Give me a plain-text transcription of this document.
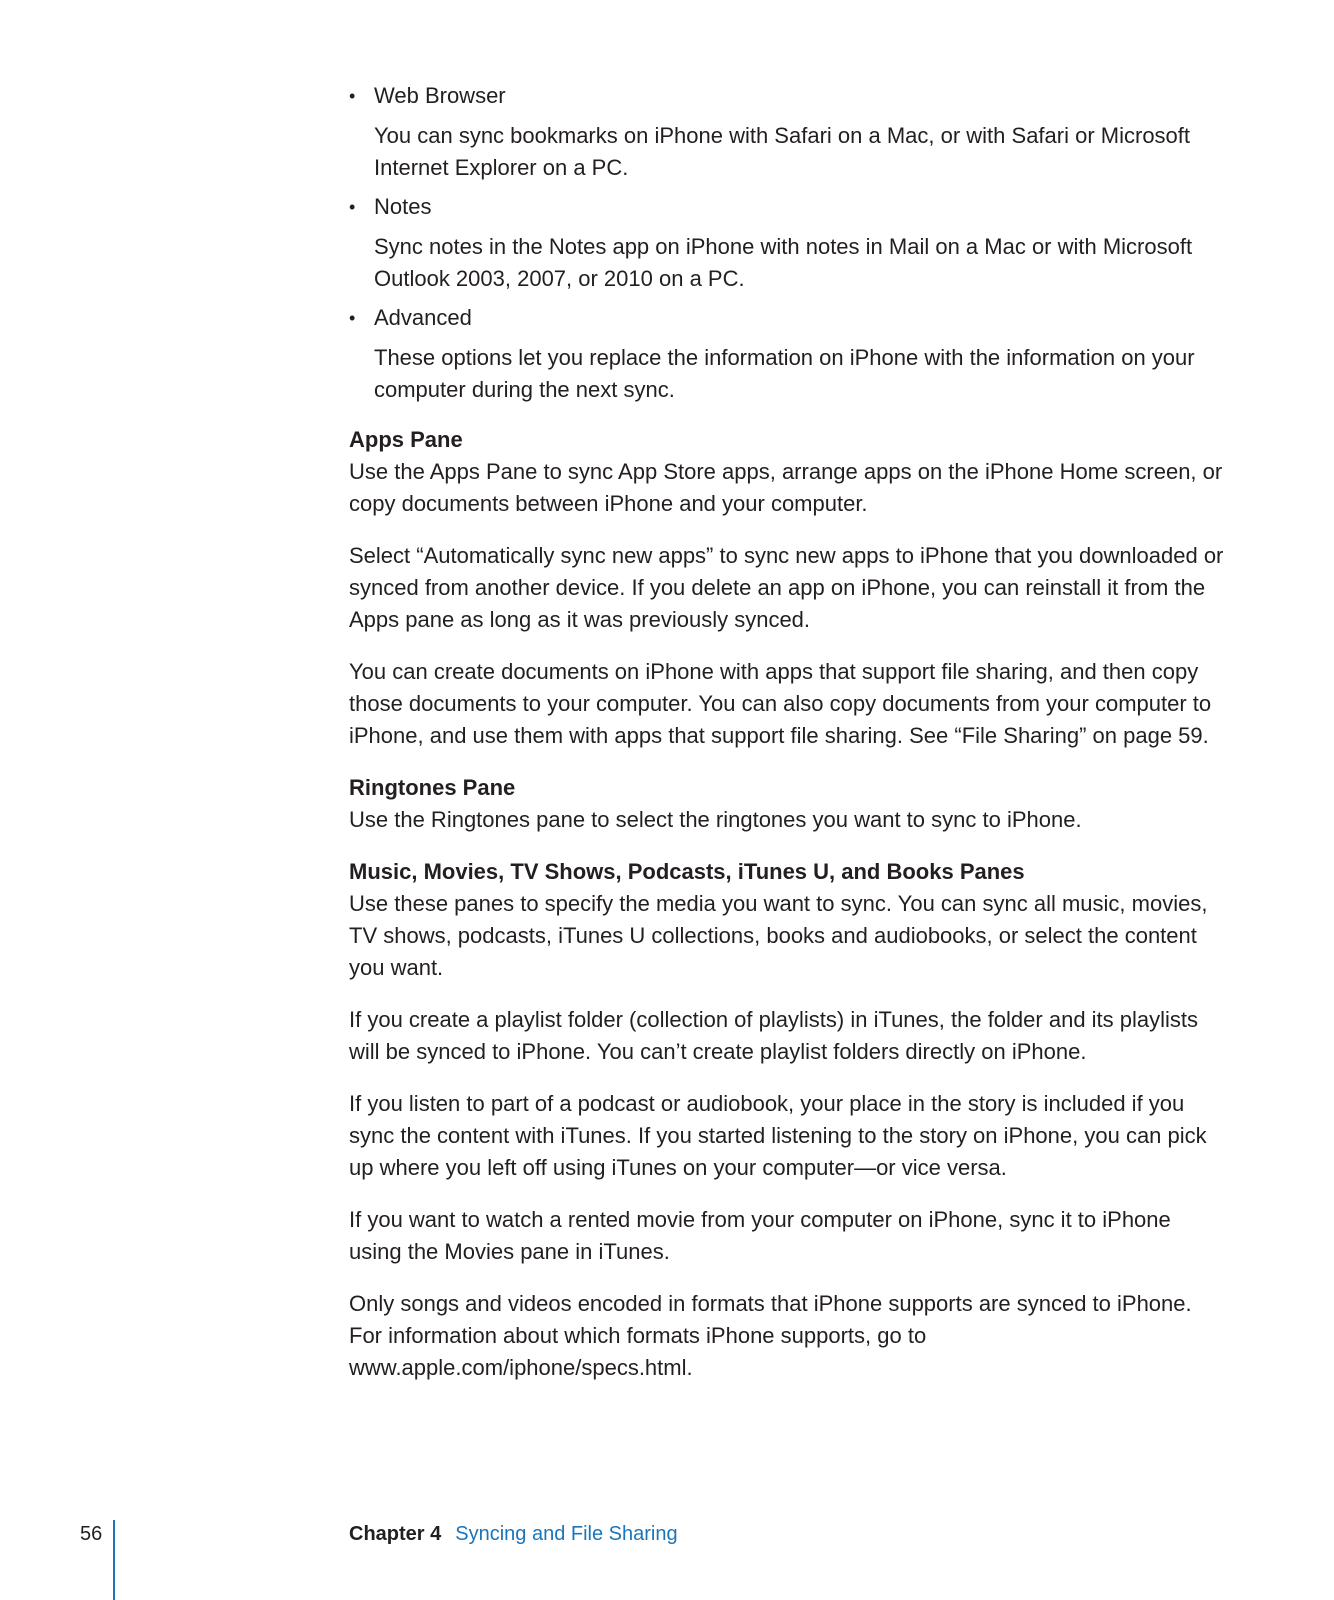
• Web Browser

You can sync bookmarks on iPhone with Safari on a Mac, or with Safari or Microsoft Internet Explorer on a PC.

• Notes

Sync notes in the Notes app on iPhone with notes in Mail on a Mac or with Microsoft Outlook 2003, 2007, or 2010 on a PC.

• Advanced

These options let you replace the information on iPhone with the information on your computer during the next sync.

Apps Pane

Use the Apps Pane to sync App Store apps, arrange apps on the iPhone Home screen, or copy documents between iPhone and your computer.

Select “Automatically sync new apps” to sync new apps to iPhone that you downloaded or synced from another device. If you delete an app on iPhone, you can reinstall it from the Apps pane as long as it was previously synced.

You can create documents on iPhone with apps that support file sharing, and then copy those documents to your computer. You can also copy documents from your computer to iPhone, and use them with apps that support file sharing. See “File Sharing” on page 59.

Ringtones Pane

Use the Ringtones pane to select the ringtones you want to sync to iPhone.

Music, Movies, TV Shows, Podcasts, iTunes U, and Books Panes

Use these panes to specify the media you want to sync. You can sync all music, movies, TV shows, podcasts, iTunes U collections, books and audiobooks, or select the content you want.

If you create a playlist folder (collection of playlists) in iTunes, the folder and its playlists will be synced to iPhone. You can’t create playlist folders directly on iPhone.

If you listen to part of a podcast or audiobook, your place in the story is included if you sync the content with iTunes. If you started listening to the story on iPhone, you can pick up where you left off using iTunes on your computer—or vice versa.

If you want to watch a rented movie from your computer on iPhone, sync it to iPhone using the Movies pane in iTunes.

Only songs and videos encoded in formats that iPhone supports are synced to iPhone. For information about which formats iPhone supports, go to www.apple.com/iphone/specs.html.

56	Chapter 4 Syncing and File Sharing
